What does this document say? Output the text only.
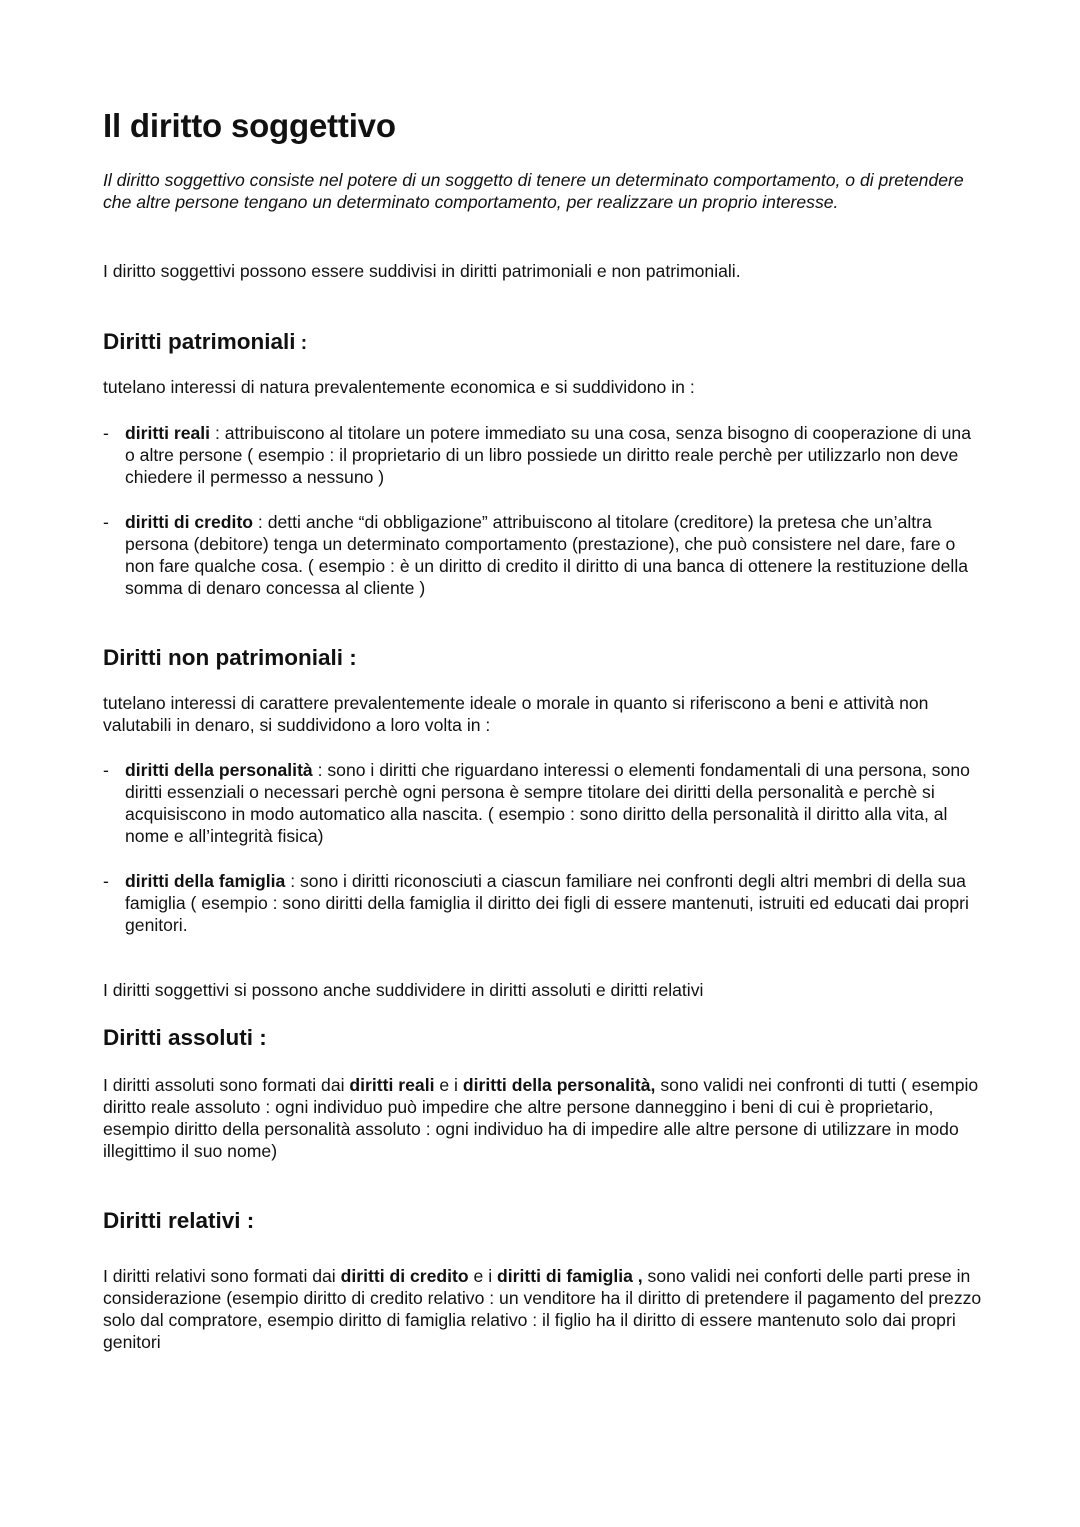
Il diritto soggettivo

Il diritto soggettivo consiste nel potere di un soggetto di tenere un determinato comportamento, o di pretendere che altre persone tengano un determinato comportamento, per realizzare un proprio interesse.

I diritto soggettivi possono essere suddivisi in diritti patrimoniali e non patrimoniali.

Diritti patrimoniali :

tutelano interessi di natura prevalentemente economica e si suddividono in :

- diritti reali : attribuiscono al titolare un potere immediato su una cosa, senza bisogno di cooperazione di una o altre persone ( esempio : il proprietario di un libro possiede un diritto reale perchè per utilizzarlo non deve chiedere il permesso a nessuno )

- diritti di credito : detti anche “di obbligazione” attribuiscono al titolare (creditore) la pretesa che un’altra persona (debitore) tenga un determinato comportamento (prestazione), che può consistere nel dare, fare o non fare qualche cosa. ( esempio : è un diritto di credito il diritto di una banca di ottenere la restituzione della somma di denaro concessa al cliente )

Diritti non patrimoniali :

tutelano interessi di carattere prevalentemente ideale o morale in quanto si riferiscono a beni e attività non valutabili in denaro, si suddividono a loro volta in :

- diritti della personalità : sono i diritti che riguardano interessi o elementi fondamentali di una persona, sono diritti essenziali o necessari perchè ogni persona è sempre titolare dei diritti della personalità e perchè si acquisiscono in modo automatico alla nascita. ( esempio : sono diritto della personalità il diritto alla vita, al nome e all’integrità fisica)

- diritti della famiglia : sono i diritti riconosciuti a ciascun familiare nei confronti degli altri membri di della sua famiglia ( esempio : sono diritti della famiglia il diritto dei figli di essere mantenuti, istruiti ed educati dai propri genitori.

I diritti soggettivi si possono anche suddividere in diritti assoluti e diritti relativi

Diritti assoluti :

I diritti assoluti sono formati dai diritti reali e i diritti della personalità, sono validi nei confronti di tutti ( esempio diritto reale assoluto : ogni individuo può impedire che altre persone danneggino i beni di cui è proprietario, esempio diritto della personalità assoluto : ogni individuo ha di impedire alle altre persone di utilizzare in modo illegittimo il suo nome)

Diritti relativi :

I diritti relativi sono formati dai diritti di credito e i diritti di famiglia , sono validi nei conforti delle parti prese in considerazione (esempio diritto di credito relativo : un venditore ha il diritto di pretendere il pagamento del prezzo solo dal compratore, esempio diritto di famiglia relativo : il figlio ha il diritto di essere mantenuto solo dai propri genitori
